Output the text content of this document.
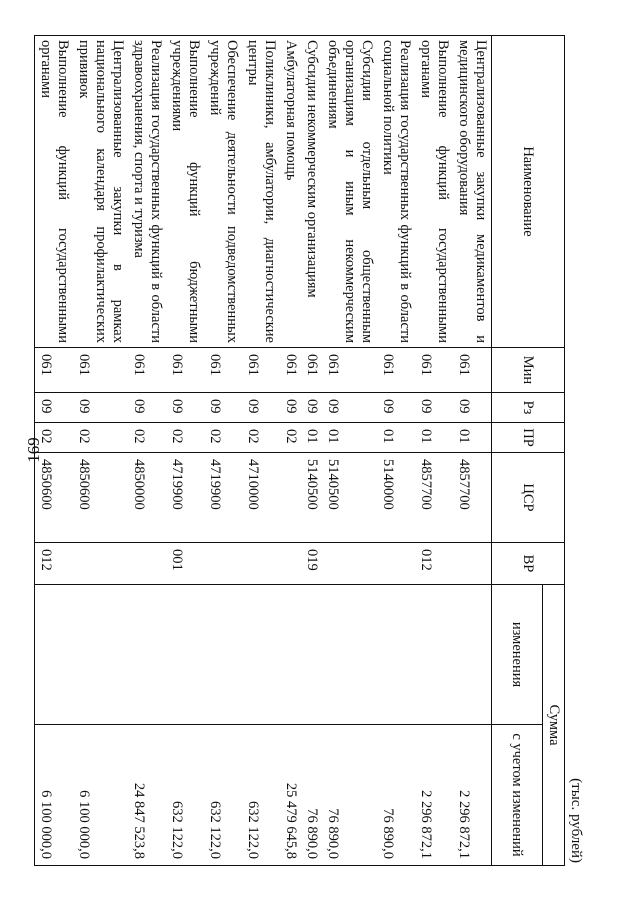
169
(тыс. рублей)
Наименование	Мин	Рз	ПР	ЦСР	ВР	Сумма	
						изменения	с учетом изменений
Централизованные закупки медикаментов и медицинского оборудования	061	09	01	4857700			2 296 872,1
Выполнение функций государственными органами	061	09	01	4857700	012		2 296 872,1
Реализация государственных функций в области социальной политики	061	09	01	5140000			76 890,0
Субсидии отдельным общественным организациям и иным некоммерческим объединениям	061	09	01	5140500			76 890,0
Субсидии некоммерческим организациям	061	09	01	5140500	019		76 890,0
Амбулаторная помощь	061	09	02				25 479 645,8
Поликлиники, амбулатории, диагностические центры	061	09	02	4710000			632 122,0
Обеспечение деятельности подведомственных учреждений	061	09	02	4719900			632 122,0
Выполнение функций бюджетными учреждениями	061	09	02	4719900	001		632 122,0
Реализация государственных функций в области здравоохранения, спорта и туризма	061	09	02	4850000			24 847 523,8
Централизованные закупки в рамках национального календаря профилактических прививок	061	09	02	4850600			6 100 000,0
Выполнение функций государственными органами	061	09	02	4850600	012		6 100 000,0
